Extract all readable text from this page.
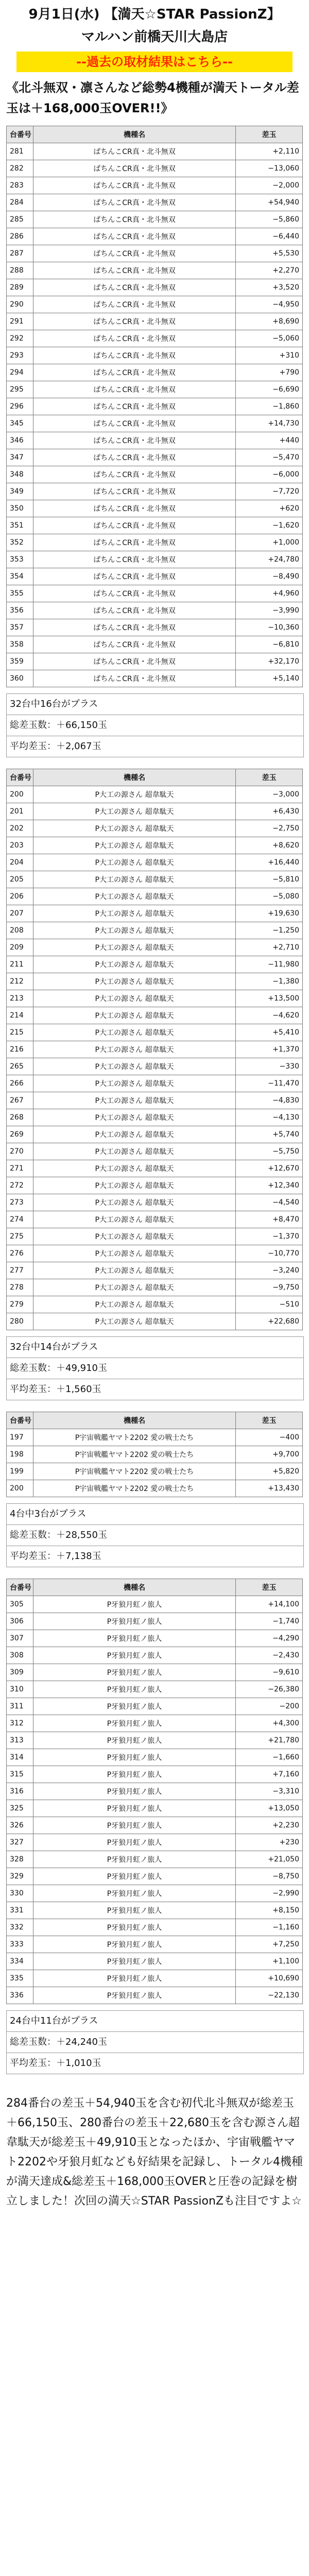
9月1日(水) 【満天☆STAR PassionZ】
マルハン前橋天川大島店
--過去の取材結果はこちら--
《北斗無双・凛さんなど総勢4機種が満天トータル差玉は＋168,000玉OVER!!》
台番号	機種名	差玉
281	ぱちんこCR真・北斗無双	+2,110
282	ぱちんこCR真・北斗無双	−13,060
283	ぱちんこCR真・北斗無双	−2,000
284	ぱちんこCR真・北斗無双	+54,940
285	ぱちんこCR真・北斗無双	−5,860
286	ぱちんこCR真・北斗無双	−6,440
287	ぱちんこCR真・北斗無双	+5,530
288	ぱちんこCR真・北斗無双	+2,270
289	ぱちんこCR真・北斗無双	+3,520
290	ぱちんこCR真・北斗無双	−4,950
291	ぱちんこCR真・北斗無双	+8,690
292	ぱちんこCR真・北斗無双	−5,060
293	ぱちんこCR真・北斗無双	+310
294	ぱちんこCR真・北斗無双	+790
295	ぱちんこCR真・北斗無双	−6,690
296	ぱちんこCR真・北斗無双	−1,860
345	ぱちんこCR真・北斗無双	+14,730
346	ぱちんこCR真・北斗無双	+440
347	ぱちんこCR真・北斗無双	−5,470
348	ぱちんこCR真・北斗無双	−6,000
349	ぱちんこCR真・北斗無双	−7,720
350	ぱちんこCR真・北斗無双	+620
351	ぱちんこCR真・北斗無双	−1,620
352	ぱちんこCR真・北斗無双	+1,000
353	ぱちんこCR真・北斗無双	+24,780
354	ぱちんこCR真・北斗無双	−8,490
355	ぱちんこCR真・北斗無双	+4,960
356	ぱちんこCR真・北斗無双	−3,990
357	ぱちんこCR真・北斗無双	−10,360
358	ぱちんこCR真・北斗無双	−6,810
359	ぱちんこCR真・北斗無双	+32,170
360	ぱちんこCR真・北斗無双	+5,140
32台中16台がプラス
総差玉数：＋66,150玉
平均差玉：＋2,067玉
台番号	機種名	差玉
200	P大工の源さん 超韋駄天	−3,000
201	P大工の源さん 超韋駄天	+6,430
202	P大工の源さん 超韋駄天	−2,750
203	P大工の源さん 超韋駄天	+8,620
204	P大工の源さん 超韋駄天	+16,440
205	P大工の源さん 超韋駄天	−5,810
206	P大工の源さん 超韋駄天	−5,080
207	P大工の源さん 超韋駄天	+19,630
208	P大工の源さん 超韋駄天	−1,250
209	P大工の源さん 超韋駄天	+2,710
211	P大工の源さん 超韋駄天	−11,980
212	P大工の源さん 超韋駄天	−1,380
213	P大工の源さん 超韋駄天	+13,500
214	P大工の源さん 超韋駄天	−4,620
215	P大工の源さん 超韋駄天	+5,410
216	P大工の源さん 超韋駄天	+1,370
265	P大工の源さん 超韋駄天	−330
266	P大工の源さん 超韋駄天	−11,470
267	P大工の源さん 超韋駄天	−4,830
268	P大工の源さん 超韋駄天	−4,130
269	P大工の源さん 超韋駄天	+5,740
270	P大工の源さん 超韋駄天	−5,750
271	P大工の源さん 超韋駄天	+12,670
272	P大工の源さん 超韋駄天	+12,340
273	P大工の源さん 超韋駄天	−4,540
274	P大工の源さん 超韋駄天	+8,470
275	P大工の源さん 超韋駄天	−1,370
276	P大工の源さん 超韋駄天	−10,770
277	P大工の源さん 超韋駄天	−3,240
278	P大工の源さん 超韋駄天	−9,750
279	P大工の源さん 超韋駄天	−510
280	P大工の源さん 超韋駄天	+22,680
32台中14台がプラス
総差玉数：＋49,910玉
平均差玉：＋1,560玉
台番号	機種名	差玉
197	P宇宙戦艦ヤマト2202 愛の戦士たち	−400
198	P宇宙戦艦ヤマト2202 愛の戦士たち	+9,700
199	P宇宙戦艦ヤマト2202 愛の戦士たち	+5,820
200	P宇宙戦艦ヤマト2202 愛の戦士たち	+13,430
4台中3台がプラス
総差玉数：＋28,550玉
平均差玉：＋7,138玉
台番号	機種名	差玉
305	P牙狼月虹ノ旅人	+14,100
306	P牙狼月虹ノ旅人	−1,740
307	P牙狼月虹ノ旅人	−4,290
308	P牙狼月虹ノ旅人	−2,430
309	P牙狼月虹ノ旅人	−9,610
310	P牙狼月虹ノ旅人	−26,380
311	P牙狼月虹ノ旅人	−200
312	P牙狼月虹ノ旅人	+4,300
313	P牙狼月虹ノ旅人	+21,780
314	P牙狼月虹ノ旅人	−1,660
315	P牙狼月虹ノ旅人	+7,160
316	P牙狼月虹ノ旅人	−3,310
325	P牙狼月虹ノ旅人	+13,050
326	P牙狼月虹ノ旅人	+2,230
327	P牙狼月虹ノ旅人	+230
328	P牙狼月虹ノ旅人	+21,050
329	P牙狼月虹ノ旅人	−8,750
330	P牙狼月虹ノ旅人	−2,990
331	P牙狼月虹ノ旅人	+8,150
332	P牙狼月虹ノ旅人	−1,160
333	P牙狼月虹ノ旅人	+7,250
334	P牙狼月虹ノ旅人	+1,100
335	P牙狼月虹ノ旅人	+10,690
336	P牙狼月虹ノ旅人	−22,130
24台中11台がプラス
総差玉数：＋24,240玉
平均差玉：＋1,010玉
284番台の差玉＋54,940玉を含む初代北斗無双が総差玉＋66,150玉、280番台の差玉＋22,680玉を含む源さん超韋駄天が総差玉＋49,910玉となったほか、宇宙戦艦ヤマト2202や牙狼月虹なども好結果を記録し、トータル4機種が満天達成&総差玉＋168,000玉OVERと圧巻の記録を樹立しました！次回の満天☆STAR PassionZも注目ですよ☆
